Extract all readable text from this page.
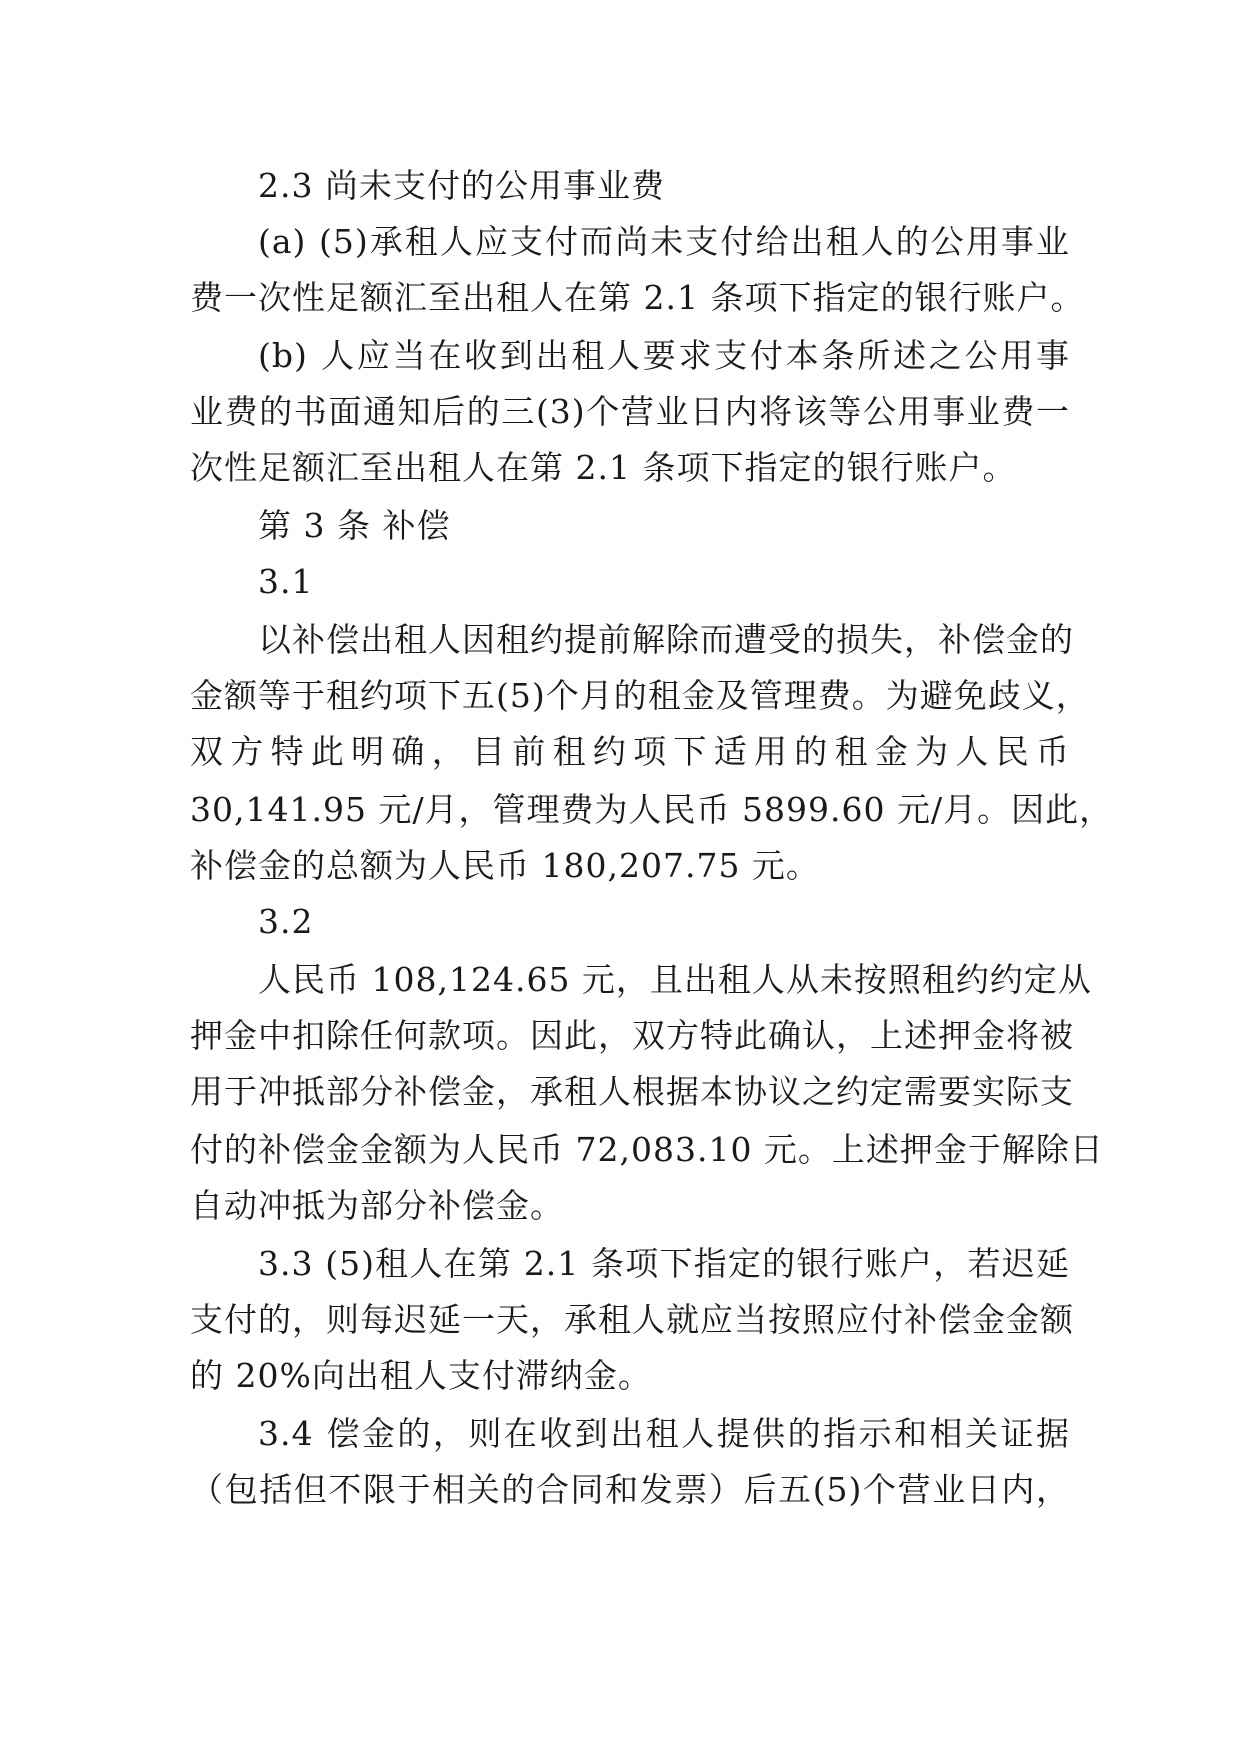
2.3 尚未支付的公用事业费
(a) (5)承租人应支付而尚未支付给出租人的公用事业
费一次性足额汇至出租人在第 2.1 条项下指定的银行账户。
(b) 人应当在收到出租人要求支付本条所述之公用事
业费的书面通知后的三(3)个营业日内将该等公用事业费一
次性足额汇至出租人在第 2.1 条项下指定的银行账户。
第 3 条 补偿
3.1
以补偿出租人因租约提前解除而遭受的损失，补偿金的
金额等于租约项下五(5)个月的租金及管理费。为避免歧义，
双方特此明确，目前租约项下适用的租金为人民币
30,141.95 元/月，管理费为人民币 5899.60 元/月。因此，
补偿金的总额为人民币 180,207.75 元。
3.2
人民币 108,124.65 元，且出租人从未按照租约约定从
押金中扣除任何款项。因此，双方特此确认，上述押金将被
用于冲抵部分补偿金，承租人根据本协议之约定需要实际支
付的补偿金金额为人民币 72,083.10 元。上述押金于解除日
自动冲抵为部分补偿金。
3.3 (5)租人在第 2.1 条项下指定的银行账户，若迟延
支付的，则每迟延一天，承租人就应当按照应付补偿金金额
的 20%向出租人支付滞纳金。
3.4 偿金的，则在收到出租人提供的指示和相关证据
（包括但不限于相关的合同和发票）后五(5)个营业日内，
